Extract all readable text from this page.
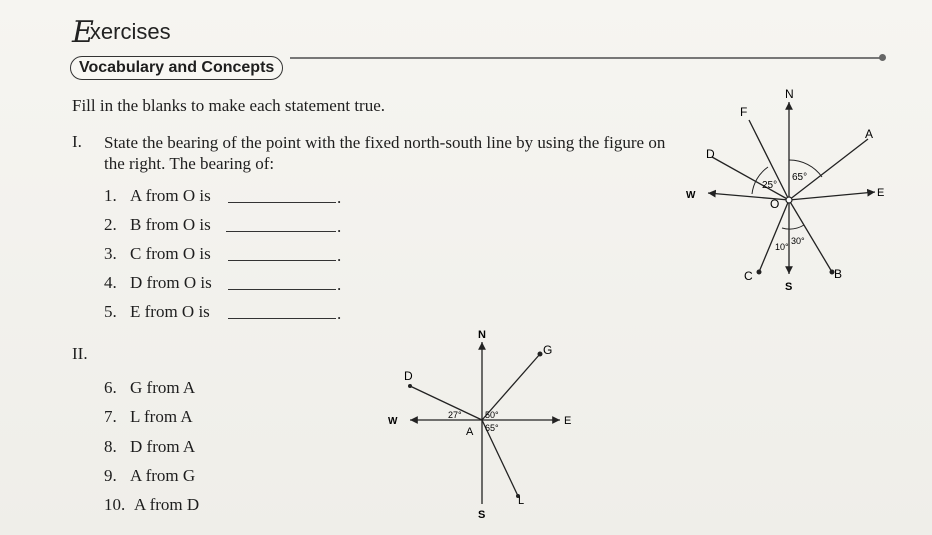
Exercises
Vocabulary and Concepts
Fill in the blanks to make each statement true.
I. State the bearing of the point with the fixed north-south line by using the figure on
the right. The bearing of:
1. A from O is	.
2. B from O is	.
3. C from O is	.
4. D from O is	.
5. E from O is	.
II.
6. G from A
7. L from A
8. D from A
9. A from G
10. A from D
N
S
E
W
O
A
B
C
D
F
65°
25°
10°
30°
N
S
E
W
A
G
D
L
27°	50°
65°
